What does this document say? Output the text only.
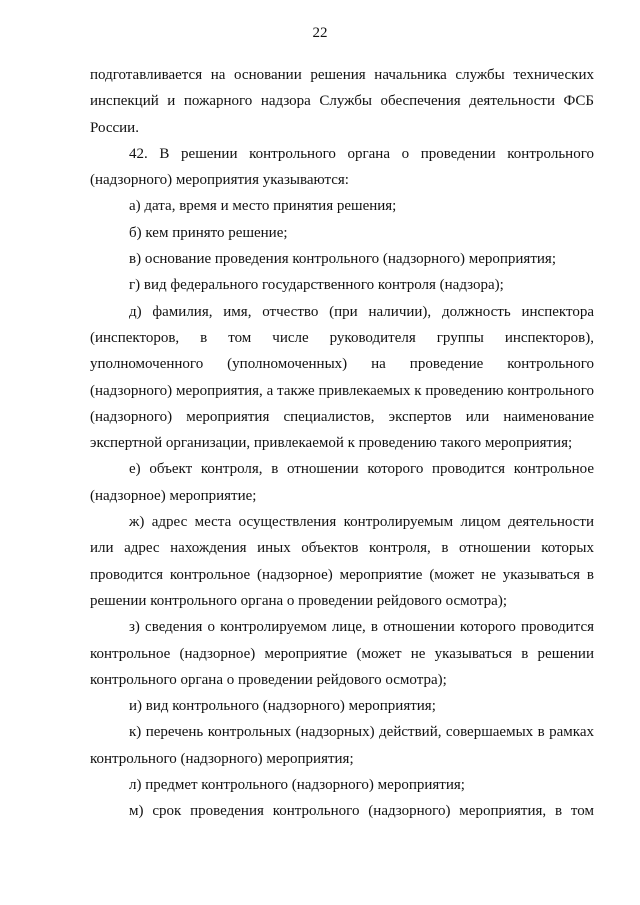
22

подготавливается на основании решения начальника службы технических инспекций и пожарного надзора Службы обеспечения деятельности ФСБ России.

42. В решении контрольного органа о проведении контрольного (надзорного) мероприятия указываются:

а) дата, время и место принятия решения;

б) кем принято решение;

в) основание проведения контрольного (надзорного) мероприятия;

г) вид федерального государственного контроля (надзора);

д) фамилия, имя, отчество (при наличии), должность инспектора (инспекторов, в том числе руководителя группы инспекторов), уполномоченного (уполномоченных) на проведение контрольного (надзорного) мероприятия, а также привлекаемых к проведению контрольного (надзорного) мероприятия специалистов, экспертов или наименование экспертной организации, привлекаемой к проведению такого мероприятия;

е) объект контроля, в отношении которого проводится контрольное (надзорное) мероприятие;

ж) адрес места осуществления контролируемым лицом деятельности или адрес нахождения иных объектов контроля, в отношении которых проводится контрольное (надзорное) мероприятие (может не указываться в решении контрольного органа о проведении рейдового осмотра);

з) сведения о контролируемом лице, в отношении которого проводится контрольное (надзорное) мероприятие (может не указываться в решении контрольного органа о проведении рейдового осмотра);

и) вид контрольного (надзорного) мероприятия;

к) перечень контрольных (надзорных) действий, совершаемых в рамках контрольного (надзорного) мероприятия;

л) предмет контрольного (надзорного) мероприятия;

м) срок проведения контрольного (надзорного) мероприятия, в том
